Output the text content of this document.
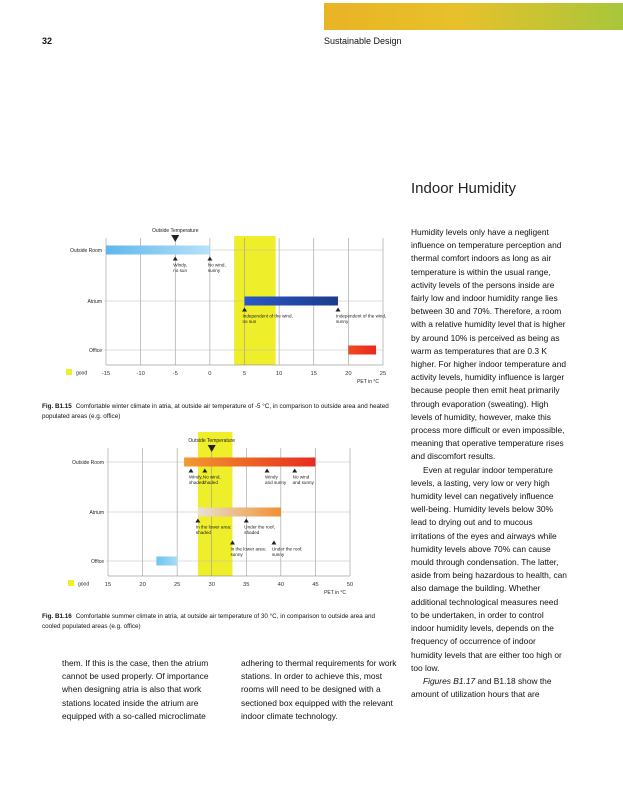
32	Sustainable Design
-15	-10	-5	0	5	10	15	20	25
Outside Room
Atrium
Office
Windy,
no sun
No wind,
sunny
Independent of the wind,
no sun
Independent of the wind,
sunny
Outside Temperature
good
PET in °C
Fig. B1.15 Comfortable winter climate in atria, at outside air temperature of -5 °C, in comparison to outside area and heated populated areas (e.g. office)
15	20	25	30	35	40	45	50
Outside Room
Atrium
Office
Windy,
shaded
No wind,
shaded
Windy
and sunny
No wind
and sunny
In the lower area:
sunny
Under the roof,
sunny
In the lower area:
shaded
Under the roof,
shaded
Outside Temperature
good
PET in °C
Fig. B1.16 Comfortable summer climate in atria, at outside air temperature of 30 °C, in comparison to outside area and cooled populated areas (e.g. office)
Indoor Humidity

Humidity levels only have a negligent influence on temperature perception and thermal comfort indoors as long as air temperature is within the usual range, activity levels of the persons inside are fairly low and indoor humidity range lies between 30 and 70%. Therefore, a room with a relative humidity level that is higher by around 10% is perceived as being as warm as temperatures that are 0.3 K higher. For higher indoor temperature and activity levels, humidity influence is larger because people then emit heat primarily through evaporation (sweating). High levels of humidity, however, make this process more difficult or even impossible, meaning that operative temperature rises and discomfort results.

Even at regular indoor temperature levels, a lasting, very low or very high humidity level can negatively influence well-being. Humidity levels below 30% lead to drying out and to mucous irritations of the eyes and airways while humidity levels above 70% can cause mould through condensation. The latter, aside from being hazardous to health, can also damage the building. Whether additional technological measures need to be undertaken, in order to control indoor humidity levels, depends on the frequency of occurrence of indoor humidity levels that are either too high or too low.

Figures B1.17 and B1.18 show the amount of utilization hours that are

them. If this is the case, then the atrium cannot be used properly. Of importance when designing atria is also that work stations located inside the atrium are equipped with a so-called microclimate
adhering to thermal requirements for work stations. In order to achieve this, most rooms will need to be designed with a sectioned box equipped with the relevant indoor climate technology.
